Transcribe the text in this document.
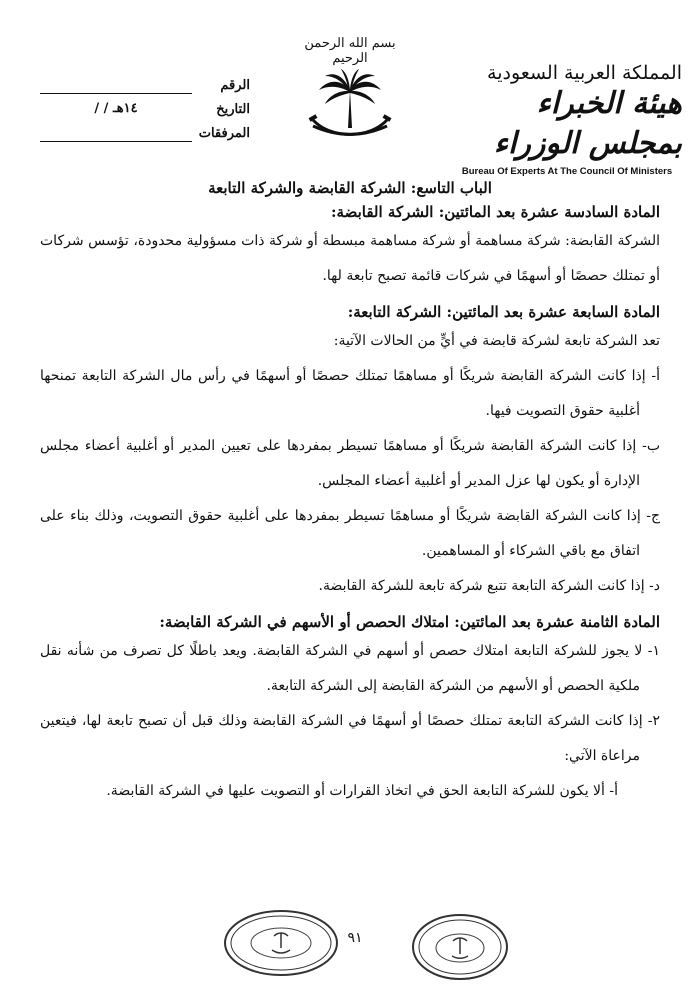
المملكة العربية السعودية
هيئة الخبراء بمجلس الوزراء
Bureau Of Experts At The Council Of Ministers
بسم الله الرحمن الرحيم
الرقم
التاريخ
/ / ١٤هـ
المرفقات

الباب التاسع: الشركة القابضة والشركة التابعة

المادة السادسة عشرة بعد المائتين: الشركة القابضة:

الشركة القابضة: شركة مساهمة أو شركة مساهمة مبسطة أو شركة ذات مسؤولية محدودة، تؤسس شركات أو تمتلك حصصًا أو أسهمًا في شركات قائمة تصبح تابعة لها.

المادة السابعة عشرة بعد المائتين: الشركة التابعة:

تعد الشركة تابعة لشركة قابضة في أيٍّ من الحالات الآتية:

أ- إذا كانت الشركة القابضة شريكًا أو مساهمًا تمتلك حصصًا أو أسهمًا في رأس مال الشركة التابعة تمنحها أغلبية حقوق التصويت فيها.

ب- إذا كانت الشركة القابضة شريكًا أو مساهمًا تسيطر بمفردها على تعيين المدير أو أغلبية أعضاء مجلس الإدارة أو يكون لها عزل المدير أو أغلبية أعضاء المجلس.

ج- إذا كانت الشركة القابضة شريكًا أو مساهمًا تسيطر بمفردها على أغلبية حقوق التصويت، وذلك بناء على اتفاق مع باقي الشركاء أو المساهمين.

د- إذا كانت الشركة التابعة تتبع شركة تابعة للشركة القابضة.

المادة الثامنة عشرة بعد المائتين: امتلاك الحصص أو الأسهم في الشركة القابضة:

١- لا يجوز للشركة التابعة امتلاك حصص أو أسهم في الشركة القابضة. ويعد باطلًا كل تصرف من شأنه نقل ملكية الحصص أو الأسهم من الشركة القابضة إلى الشركة التابعة.

٢- إذا كانت الشركة التابعة تمتلك حصصًا أو أسهمًا في الشركة القابضة وذلك قبل أن تصبح تابعة لها، فيتعين مراعاة الآتي:

أ- ألا يكون للشركة التابعة الحق في اتخاذ القرارات أو التصويت عليها في الشركة القابضة.

٩١
